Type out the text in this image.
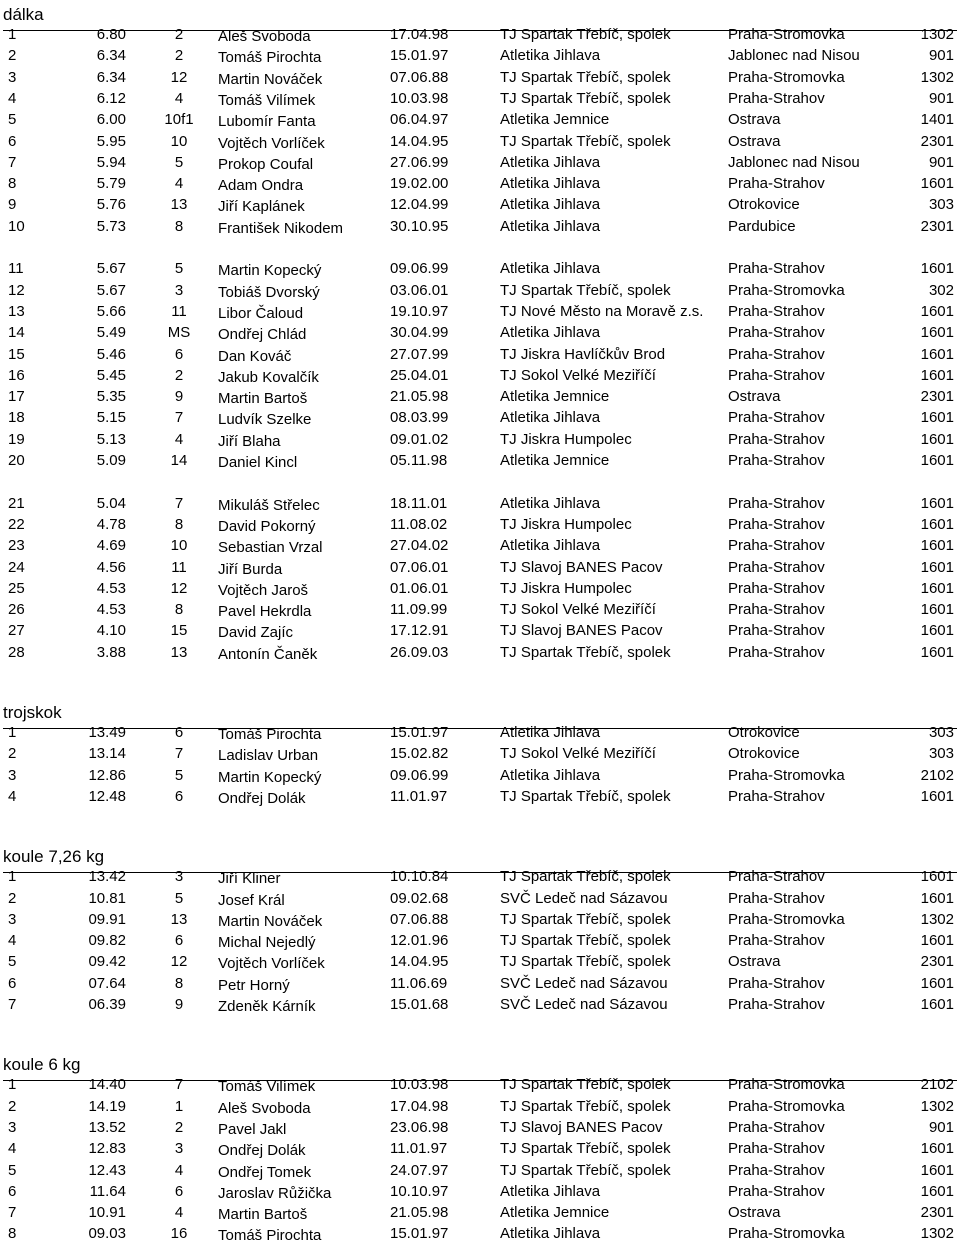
dálka
1	6.80	2	Aleš Svoboda	17.04.98	TJ Spartak Třebíč, spolek	Praha-Stromovka	1302
2	6.34	2	Tomáš Pirochta	15.01.97	Atletika Jihlava	Jablonec nad Nisou	901
3	6.34	12	Martin Nováček	07.06.88	TJ Spartak Třebíč, spolek	Praha-Stromovka	1302
4	6.12	4	Tomáš Vilímek	10.03.98	TJ Spartak Třebíč, spolek	Praha-Strahov	901
5	6.00	10f1	Lubomír Fanta	06.04.97	Atletika Jemnice	Ostrava	1401
6	5.95	10	Vojtěch Vorlíček	14.04.95	TJ Spartak Třebíč, spolek	Ostrava	2301
7	5.94	5	Prokop Coufal	27.06.99	Atletika Jihlava	Jablonec nad Nisou	901
8	5.79	4	Adam Ondra	19.02.00	Atletika Jihlava	Praha-Strahov	1601
9	5.76	13	Jiří Kaplánek	12.04.99	Atletika Jihlava	Otrokovice	303
10	5.73	8	František Nikodem	30.10.95	Atletika Jihlava	Pardubice	2301
11	5.67	5	Martin Kopecký	09.06.99	Atletika Jihlava	Praha-Strahov	1601
12	5.67	3	Tobiáš Dvorský	03.06.01	TJ Spartak Třebíč, spolek	Praha-Stromovka	302
13	5.66	11	Libor Čaloud	19.10.97	TJ Nové Město na Moravě z.s.	Praha-Strahov	1601
14	5.49	MS	Ondřej Chlád	30.04.99	Atletika Jihlava	Praha-Strahov	1601
15	5.46	6	Dan Kováč	27.07.99	TJ Jiskra Havlíčkův Brod	Praha-Strahov	1601
16	5.45	2	Jakub Kovalčík	25.04.01	TJ Sokol Velké Meziříčí	Praha-Strahov	1601
17	5.35	9	Martin Bartoš	21.05.98	Atletika Jemnice	Ostrava	2301
18	5.15	7	Ludvík Szelke	08.03.99	Atletika Jihlava	Praha-Strahov	1601
19	5.13	4	Jiří Blaha	09.01.02	TJ Jiskra Humpolec	Praha-Strahov	1601
20	5.09	14	Daniel Kincl	05.11.98	Atletika Jemnice	Praha-Strahov	1601
21	5.04	7	Mikuláš Střelec	18.11.01	Atletika Jihlava	Praha-Strahov	1601
22	4.78	8	David Pokorný	11.08.02	TJ Jiskra Humpolec	Praha-Strahov	1601
23	4.69	10	Sebastian Vrzal	27.04.02	Atletika Jihlava	Praha-Strahov	1601
24	4.56	11	Jiří Burda	07.06.01	TJ Slavoj BANES Pacov	Praha-Strahov	1601
25	4.53	12	Vojtěch Jaroš	01.06.01	TJ Jiskra Humpolec	Praha-Strahov	1601
26	4.53	8	Pavel Hekrdla	11.09.99	TJ Sokol Velké Meziříčí	Praha-Strahov	1601
27	4.10	15	David Zajíc	17.12.91	TJ Slavoj BANES Pacov	Praha-Strahov	1601
28	3.88	13	Antonín Čaněk	26.09.03	TJ Spartak Třebíč, spolek	Praha-Strahov	1601
trojskok
1	13.49	6	Tomáš Pirochta	15.01.97	Atletika Jihlava	Otrokovice	303
2	13.14	7	Ladislav Urban	15.02.82	TJ Sokol Velké Meziříčí	Otrokovice	303
3	12.86	5	Martin Kopecký	09.06.99	Atletika Jihlava	Praha-Stromovka	2102
4	12.48	6	Ondřej Dolák	11.01.97	TJ Spartak Třebíč, spolek	Praha-Strahov	1601
koule 7,26 kg
1	13.42	3	Jiří Kliner	10.10.84	TJ Spartak Třebíč, spolek	Praha-Strahov	1601
2	10.81	5	Josef Král	09.02.68	SVČ Ledeč nad Sázavou	Praha-Strahov	1601
3	09.91	13	Martin Nováček	07.06.88	TJ Spartak Třebíč, spolek	Praha-Stromovka	1302
4	09.82	6	Michal Nejedlý	12.01.96	TJ Spartak Třebíč, spolek	Praha-Strahov	1601
5	09.42	12	Vojtěch Vorlíček	14.04.95	TJ Spartak Třebíč, spolek	Ostrava	2301
6	07.64	8	Petr Horný	11.06.69	SVČ Ledeč nad Sázavou	Praha-Strahov	1601
7	06.39	9	Zdeněk Kárník	15.01.68	SVČ Ledeč nad Sázavou	Praha-Strahov	1601
koule 6 kg
1	14.40	7	Tomáš Vilímek	10.03.98	TJ Spartak Třebíč, spolek	Praha-Stromovka	2102
2	14.19	1	Aleš Svoboda	17.04.98	TJ Spartak Třebíč, spolek	Praha-Stromovka	1302
3	13.52	2	Pavel Jakl	23.06.98	TJ Slavoj BANES Pacov	Praha-Strahov	901
4	12.83	3	Ondřej Dolák	11.01.97	TJ Spartak Třebíč, spolek	Praha-Strahov	1601
5	12.43	4	Ondřej Tomek	24.07.97	TJ Spartak Třebíč, spolek	Praha-Strahov	1601
6	11.64	6	Jaroslav Růžička	10.10.97	Atletika Jihlava	Praha-Strahov	1601
7	10.91	4	Martin Bartoš	21.05.98	Atletika Jemnice	Ostrava	2301
8	09.03	16	Tomáš Pirochta	15.01.97	Atletika Jihlava	Praha-Stromovka	1302
